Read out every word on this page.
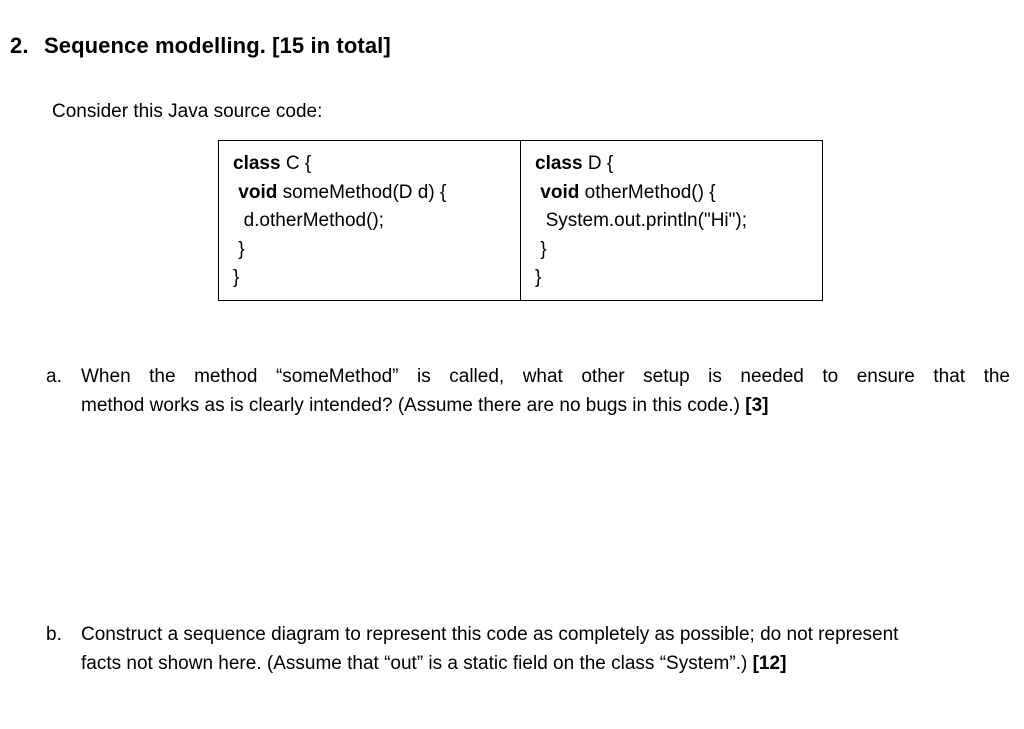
2. Sequence modelling. [15 in total]
Consider this Java source code:
class C {
void someMethod(D d) {
d.otherMethod();
}
}
class D {
void otherMethod() {
System.out.println("Hi");
}
}
a. When the method “someMethod” is called, what other setup is needed to ensure that the
method works as is clearly intended? (Assume there are no bugs in this code.) [3]
b. Construct a sequence diagram to represent this code as completely as possible; do not represent
facts not shown here. (Assume that “out” is a static field on the class “System”.) [12]
